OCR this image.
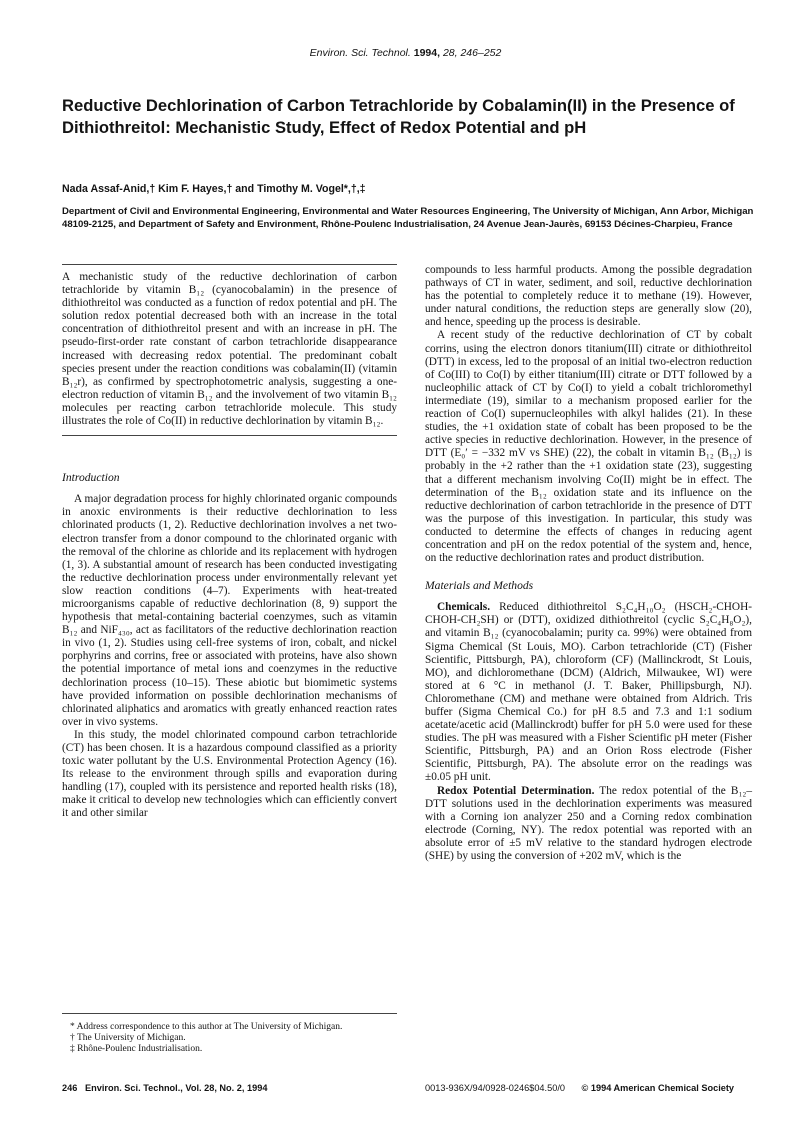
Environ. Sci. Technol. 1994, 28, 246–252
Reductive Dechlorination of Carbon Tetrachloride by Cobalamin(II) in the Presence of Dithiothreitol: Mechanistic Study, Effect of Redox Potential and pH
Nada Assaf-Anid,† Kim F. Hayes,† and Timothy M. Vogel*,†,‡
Department of Civil and Environmental Engineering, Environmental and Water Resources Engineering, The University of Michigan, Ann Arbor, Michigan 48109-2125, and Department of Safety and Environment, Rhône-Poulenc Industrialisation, 24 Avenue Jean-Jaurès, 69153 Décines-Charpieu, France

A mechanistic study of the reductive dechlorination of carbon tetrachloride by vitamin B₁₂ (cyanocobalamin) in the presence of dithiothreitol was conducted as a function of redox potential and pH. The solution redox potential decreased both with an increase in the total concentration of dithiothreitol present and with an increase in pH. The pseudo-first-order rate constant of carbon tetrachloride disappearance increased with decreasing redox potential. The predominant cobalt species present under the reaction conditions was cobalamin(II) (vitamin B₁₂r), as confirmed by spectrophotometric analysis, suggesting a one-electron reduction of vitamin B₁₂ and the involvement of two vitamin B₁₂ molecules per reacting carbon tetrachloride molecule. This study illustrates the role of Co(II) in reductive dechlorination by vitamin B₁₂.

Introduction

A major degradation process for highly chlorinated organic compounds in anoxic environments is their reductive dechlorination to less chlorinated products (1, 2). Reductive dechlorination involves a net two-electron transfer from a donor compound to the chlorinated organic with the removal of the chlorine as chloride and its replacement with hydrogen (1, 3). A substantial amount of research has been conducted investigating the reductive dechlorination process under environmentally relevant yet slow reaction conditions (4–7). Experiments with heat-treated microorganisms capable of reductive dechlorination (8, 9) support the hypothesis that metal-containing bacterial coenzymes, such as vitamin B₁₂ and NiF₄₃₀, act as facilitators of the reductive dechlorination reaction in vivo (1, 2). Studies using cell-free systems of iron, cobalt, and nickel porphyrins and corrins, free or associated with proteins, have also shown the potential importance of metal ions and coenzymes in the reductive dechlorination process (10–15). These abiotic but biomimetic systems have provided information on possible dechlorination mechanisms of chlorinated aliphatics and aromatics with greatly enhanced reaction rates over in vivo systems.

In this study, the model chlorinated compound carbon tetrachloride (CT) has been chosen. It is a hazardous compound classified as a priority toxic water pollutant by the U.S. Environmental Protection Agency (16). Its release to the environment through spills and evaporation during handling (17), coupled with its persistence and reported health risks (18), make it critical to develop new technologies which can efficiently convert it and other similar

* Address correspondence to this author at The University of Michigan.

† The University of Michigan.

‡ Rhône-Poulenc Industrialisation.

compounds to less harmful products. Among the possible degradation pathways of CT in water, sediment, and soil, reductive dechlorination has the potential to completely reduce it to methane (19). However, under natural conditions, the reduction steps are generally slow (20), and hence, speeding up the process is desirable.

A recent study of the reductive dechlorination of CT by cobalt corrins, using the electron donors titanium(III) citrate or dithiothreitol (DTT) in excess, led to the proposal of an initial two-electron reduction of Co(III) to Co(I) by either titanium(III) citrate or DTT followed by a nucleophilic attack of CT by Co(I) to yield a cobalt trichloromethyl intermediate (19), similar to a mechanism proposed earlier for the reaction of Co(I) supernucleophiles with alkyl halides (21). In these studies, the +1 oxidation state of cobalt has been proposed to be the active species in reductive dechlorination. However, in the presence of DTT (E₀′ = −332 mV vs SHE) (22), the cobalt in vitamin B₁₂ (B₁₂) is probably in the +2 rather than the +1 oxidation state (23), suggesting that a different mechanism involving Co(II) might be in effect. The determination of the B₁₂ oxidation state and its influence on the reductive dechlorination of carbon tetrachloride in the presence of DTT was the purpose of this investigation. In particular, this study was conducted to determine the effects of changes in reducing agent concentration and pH on the redox potential of the system and, hence, on the reductive dechlorination rates and product distribution.

Materials and Methods

Chemicals. Reduced dithiothreitol S₂C₄H₁₀O₂ (HSCH₂-CHOH-CHOH-CH₂SH) or (DTT), oxidized dithiothreitol (cyclic S₂C₄H₈O₂), and vitamin B₁₂ (cyanocobalamin; purity ca. 99%) were obtained from Sigma Chemical (St Louis, MO). Carbon tetrachloride (CT) (Fisher Scientific, Pittsburgh, PA), chloroform (CF) (Mallinckrodt, St Louis, MO), and dichloromethane (DCM) (Aldrich, Milwaukee, WI) were stored at 6 °C in methanol (J. T. Baker, Phillipsburgh, NJ). Chloromethane (CM) and methane were obtained from Aldrich. Tris buffer (Sigma Chemical Co.) for pH 8.5 and 7.3 and 1:1 sodium acetate/acetic acid (Mallinckrodt) buffer for pH 5.0 were used for these studies. The pH was measured with a Fisher Scientific pH meter (Fisher Scientific, Pittsburgh, PA) and an Orion Ross electrode (Fisher Scientific, Pittsburgh, PA). The absolute error on the readings was ±0.05 pH unit.

Redox Potential Determination. The redox potential of the B₁₂–DTT solutions used in the dechlorination experiments was measured with a Corning ion analyzer 250 and a Corning redox combination electrode (Corning, NY). The redox potential was reported with an absolute error of ±5 mV relative to the standard hydrogen electrode (SHE) by using the conversion of +202 mV, which is the

246   Environ. Sci. Technol., Vol. 28, No. 2, 1994	0013-936X/94/0928-0246$04.50/0 © 1994 American Chemical Society
